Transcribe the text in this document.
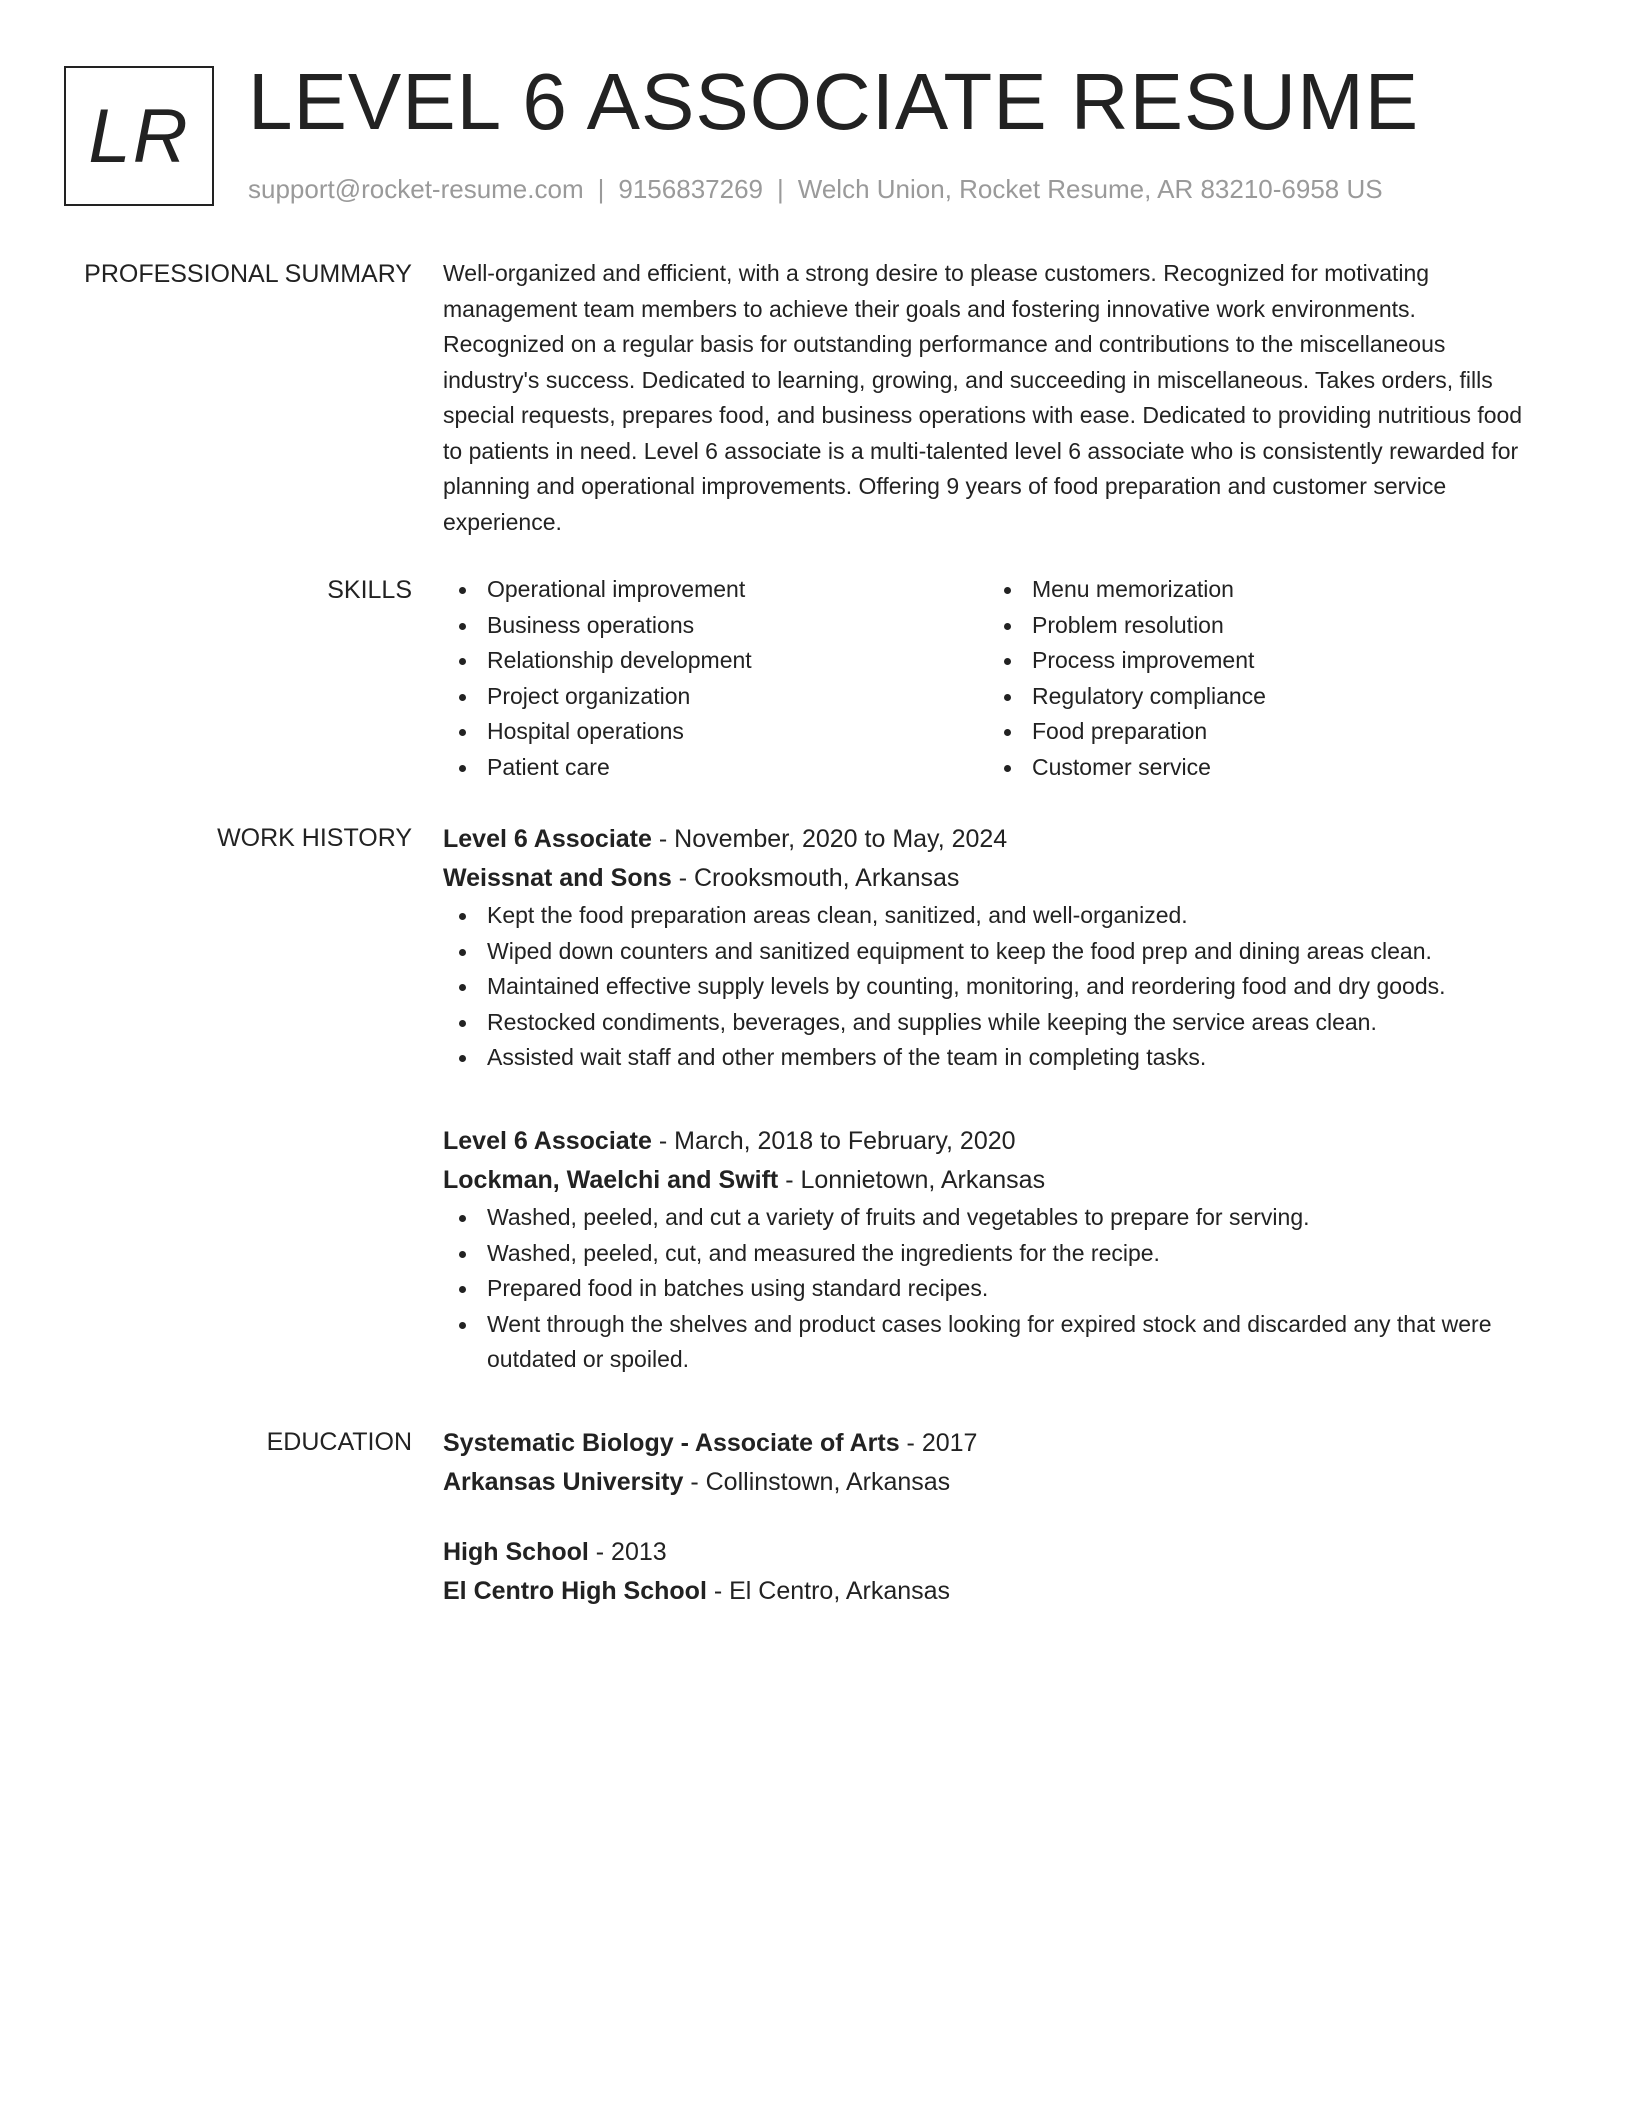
LR LEVEL 6 ASSOCIATE RESUME
support@rocket-resume.com | 9156837269 | Welch Union, Rocket Resume, AR 83210-6958 US
PROFESSIONAL SUMMARY Well-organized and efficient, with a strong desire to please customers. Recognized for motivating management team members to achieve their goals and fostering innovative work environments. Recognized on a regular basis for outstanding performance and contributions to the miscellaneous industry's success. Dedicated to learning, growing, and succeeding in miscellaneous. Takes orders, fills special requests, prepares food, and business operations with ease. Dedicated to providing nutritious food to patients in need. Level 6 associate is a multi-talented level 6 associate who is consistently rewarded for planning and operational improvements. Offering 9 years of food preparation and customer service experience.

SKILLS	Operational improvement
Business operations
Relationship development
Project organization
Hospital operations
Patient care
Menu memorization
Problem resolution
Process improvement
Regulatory compliance
Food preparation
Customer service
WORK HISTORY Level 6 Associate - November, 2020 to May, 2024
Weissnat and Sons - Crooksmouth, Arkansas
Kept the food preparation areas clean, sanitized, and well-organized.
Wiped down counters and sanitized equipment to keep the food prep and dining areas clean.
Maintained effective supply levels by counting, monitoring, and reordering food and dry goods.
Restocked condiments, beverages, and supplies while keeping the service areas clean.
Assisted wait staff and other members of the team in completing tasks.
Level 6 Associate - March, 2018 to February, 2020
Lockman, Waelchi and Swift - Lonnietown, Arkansas
Washed, peeled, and cut a variety of fruits and vegetables to prepare for serving.
Washed, peeled, cut, and measured the ingredients for the recipe.
Prepared food in batches using standard recipes.
Went through the shelves and product cases looking for expired stock and discarded any that were outdated or spoiled.
EDUCATION Systematic Biology - Associate of Arts - 2017
Arkansas University - Collinstown, Arkansas
High School - 2013
El Centro High School - El Centro, Arkansas
